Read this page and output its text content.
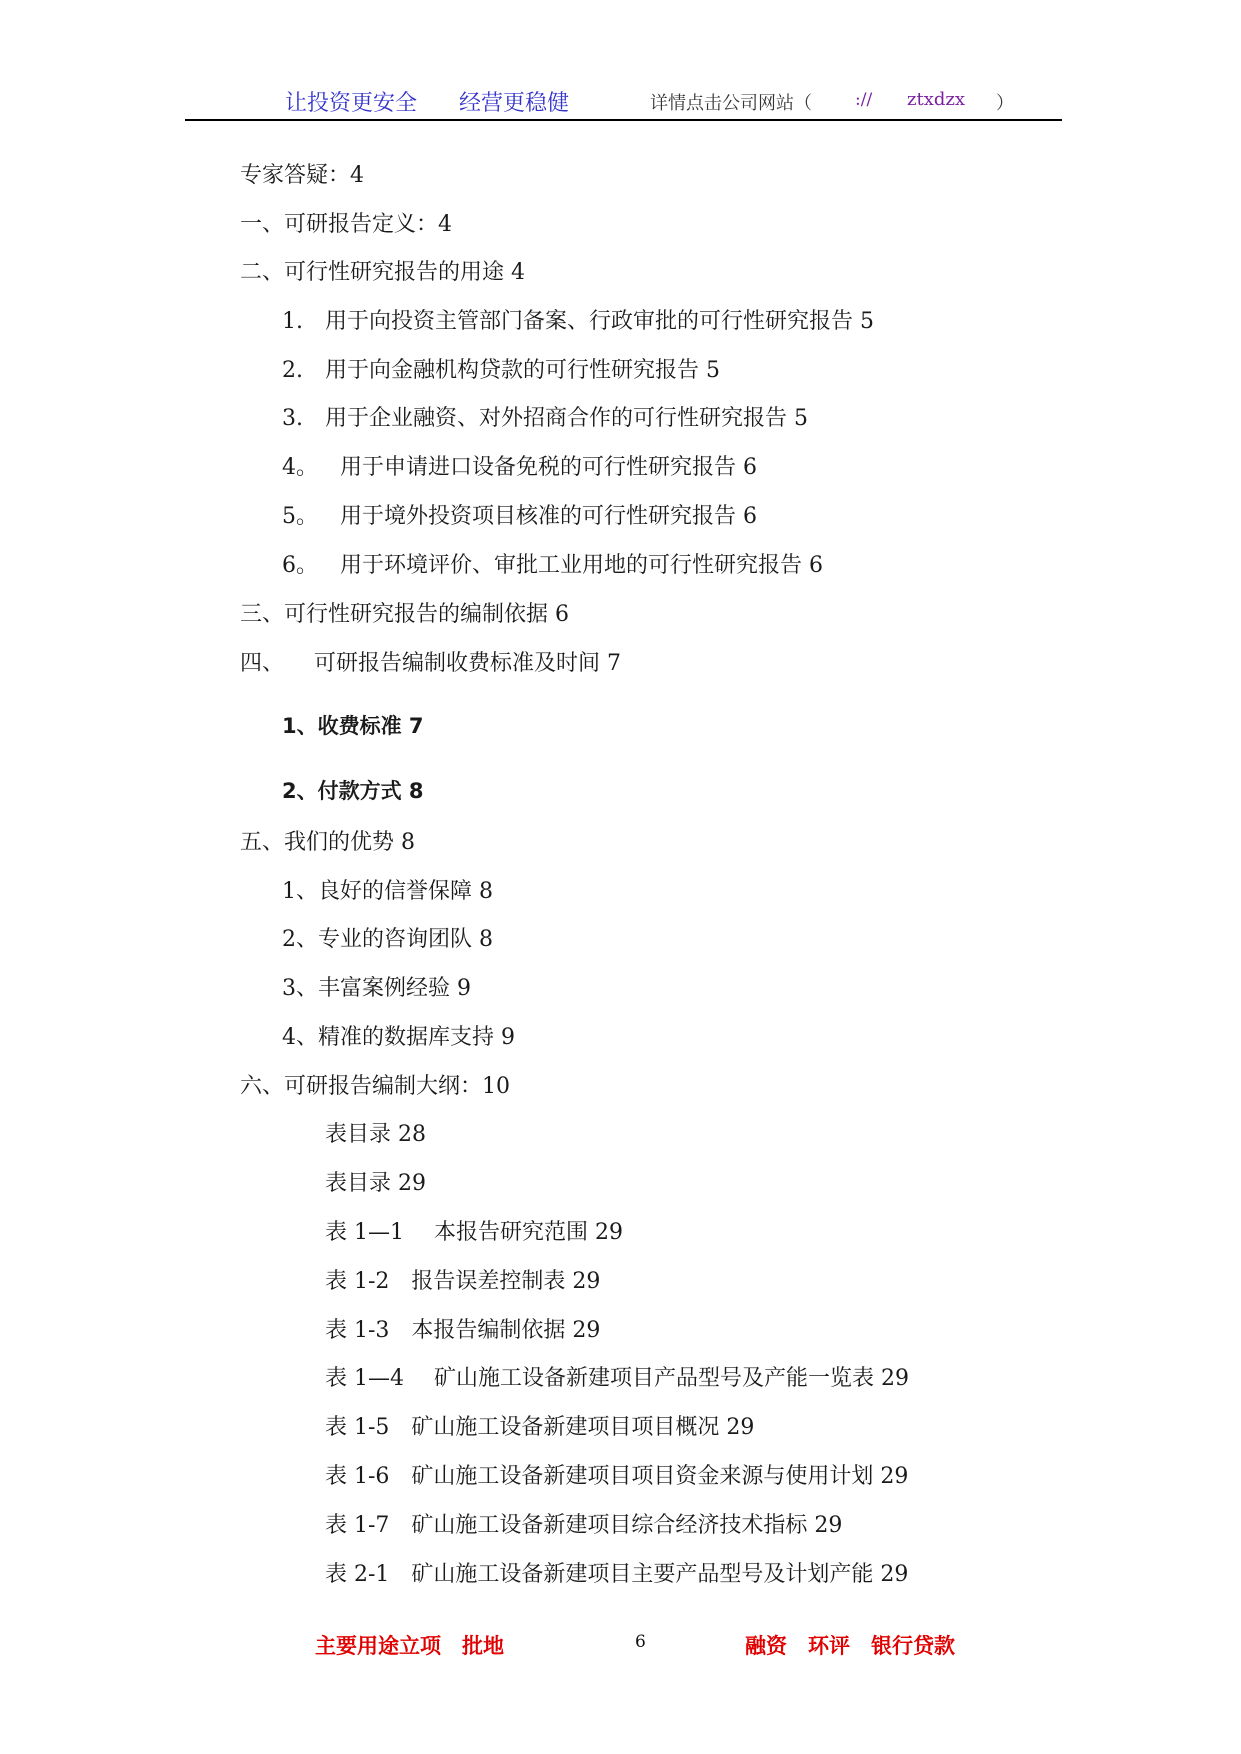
让投资更安全 经营更稳健	详情点击公司网站（	:// ztxdzx ）
专家答疑：4
一、可研报告定义：4
二、可行性研究报告的用途 4
1. 用于向投资主管部门备案、行政审批的可行性研究报告 5
2. 用于向金融机构贷款的可行性研究报告 5
3. 用于企业融资、对外招商合作的可行性研究报告 5
4。 用于申请进口设备免税的可行性研究报告 6
5。 用于境外投资项目核准的可行性研究报告 6
6。 用于环境评价、审批工业用地的可行性研究报告 6
三、可行性研究报告的编制依据 6
四、 可研报告编制收费标准及时间 7
1、收费标准 7
2、付款方式 8
五、我们的优势 8
1、良好的信誉保障 8
2、专业的咨询团队 8
3、丰富案例经验 9
4、精准的数据库支持 9
六、可研报告编制大纲：10
表目录 28
表目录 29
表 1—1 本报告研究范围 29
表 1-2 报告误差控制表 29
表 1-3 本报告编制依据 29
表 1—4 矿山施工设备新建项目产品型号及产能一览表 29
表 1-5 矿山施工设备新建项目项目概况 29
表 1-6 矿山施工设备新建项目项目资金来源与使用计划 29
表 1-7 矿山施工设备新建项目综合经济技术指标 29
表 2-1 矿山施工设备新建项目主要产品型号及计划产能 29
主要用途立项　批地	6	融资　环评　银行贷款
